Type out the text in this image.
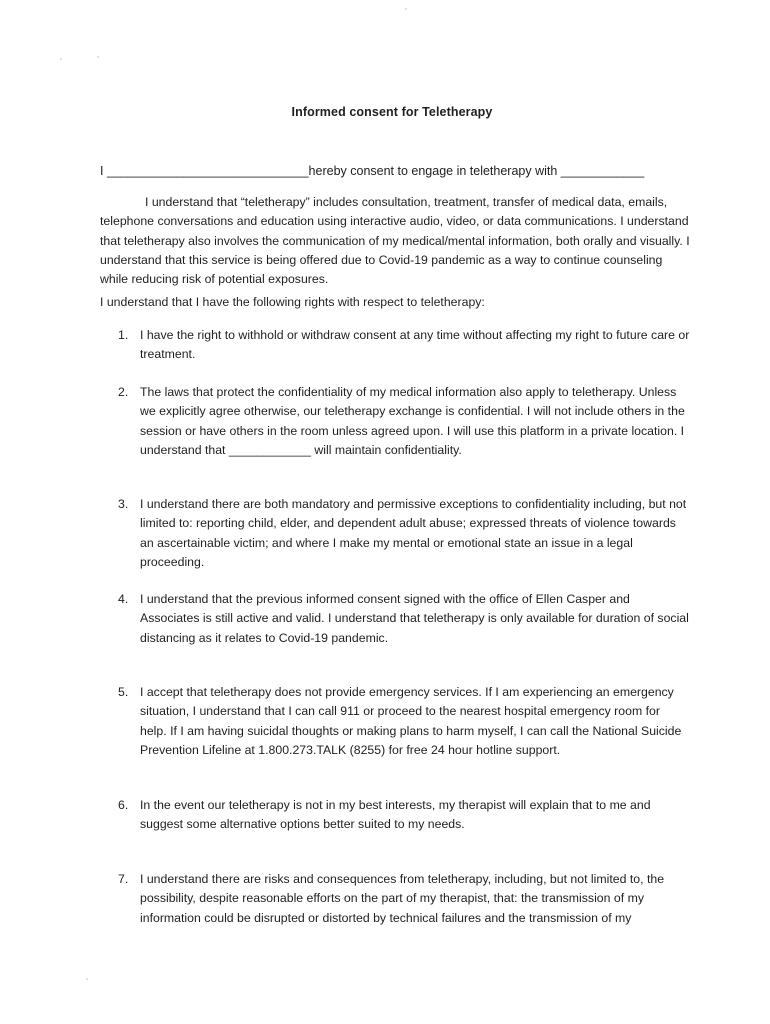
Informed consent for Teletherapy
I _____________________________hereby consent to engage in teletherapy with ____________
I understand that “teletherapy” includes consultation, treatment, transfer of medical data, emails, telephone conversations and education using interactive audio, video, or data communications. I understand that teletherapy also involves the communication of my medical/mental information, both orally and visually. I understand that this service is being offered due to Covid-19 pandemic as a way to continue counseling while reducing risk of potential exposures.
I understand that I have the following rights with respect to teletherapy:
1. I have the right to withhold or withdraw consent at any time without affecting my right to future care or treatment.
2. The laws that protect the confidentiality of my medical information also apply to teletherapy. Unless we explicitly agree otherwise, our teletherapy exchange is confidential. I will not include others in the session or have others in the room unless agreed upon. I will use this platform in a private location. I understand that ____________ will maintain confidentiality.
3. I understand there are both mandatory and permissive exceptions to confidentiality including, but not limited to: reporting child, elder, and dependent adult abuse; expressed threats of violence towards an ascertainable victim; and where I make my mental or emotional state an issue in a legal proceeding.
4. I understand that the previous informed consent signed with the office of Ellen Casper and Associates is still active and valid. I understand that teletherapy is only available for duration of social distancing as it relates to Covid-19 pandemic.
5. I accept that teletherapy does not provide emergency services. If I am experiencing an emergency situation, I understand that I can call 911 or proceed to the nearest hospital emergency room for help. If I am having suicidal thoughts or making plans to harm myself, I can call the National Suicide Prevention Lifeline at 1.800.273.TALK (8255) for free 24 hour hotline support.
6. In the event our teletherapy is not in my best interests, my therapist will explain that to me and suggest some alternative options better suited to my needs.
7. I understand there are risks and consequences from teletherapy, including, but not limited to, the possibility, despite reasonable efforts on the part of my therapist, that: the transmission of my information could be disrupted or distorted by technical failures and the transmission of my
